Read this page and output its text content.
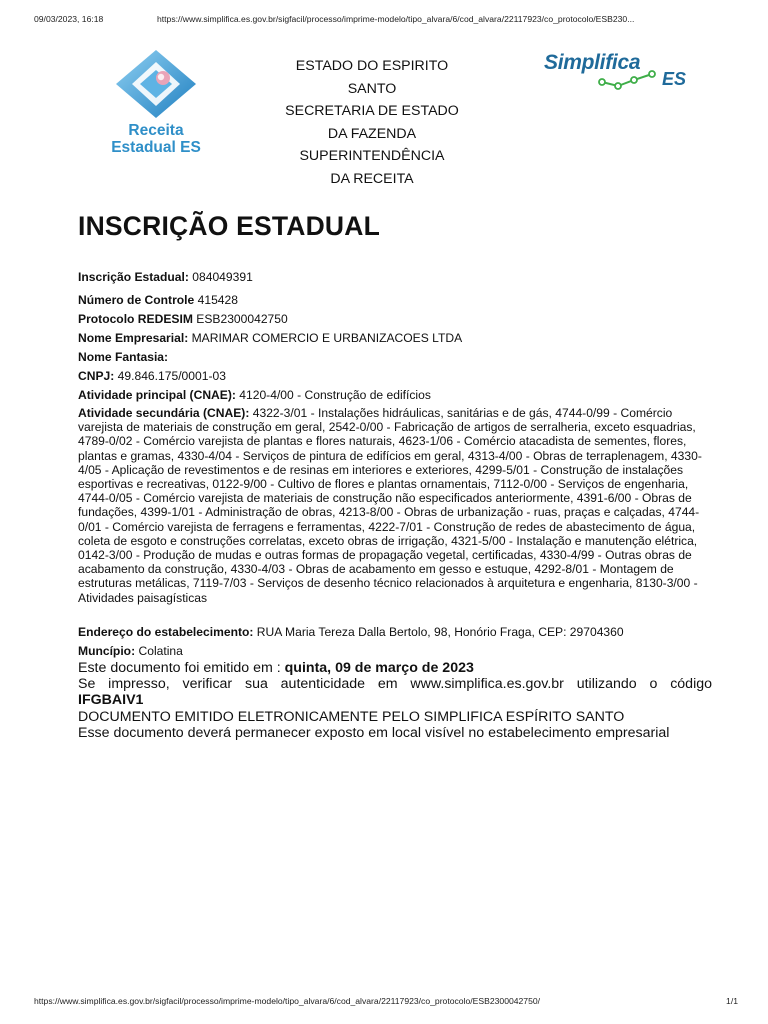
09/03/2023, 16:18	https://www.simplifica.es.gov.br/sigfacil/processo/imprime-modelo/tipo_alvara/6/cod_alvara/22117923/co_protocolo/ESB230...
Receita
Estadual ES
ESTADO DO ESPIRITO
SANTO
SECRETARIA DE ESTADO
DA FAZENDA
SUPERINTENDÊNCIA
DA RECEITA
Simplifica
ES
INSCRIÇÃO ESTADUAL

Inscrição Estadual: 084049391

Número de Controle 415428

Protocolo REDESIM ESB2300042750

Nome Empresarial: MARIMAR COMERCIO E URBANIZACOES LTDA

Nome Fantasia:

CNPJ: 49.846.175/0001-03

Atividade principal (CNAE): 4120-4/00 - Construção de edifícios

Atividade secundária (CNAE): 4322-3/01 - Instalações hidráulicas, sanitárias e de gás, 4744-0/99 - Comércio varejista de materiais de construção em geral, 2542-0/00 - Fabricação de artigos de serralheria, exceto esquadrias, 4789-0/02 - Comércio varejista de plantas e flores naturais, 4623-1/06 - Comércio atacadista de sementes, flores, plantas e gramas, 4330-4/04 - Serviços de pintura de edifícios em geral, 4313-4/00 - Obras de terraplenagem, 4330-4/05 - Aplicação de revestimentos e de resinas em interiores e exteriores, 4299-5/01 - Construção de instalações esportivas e recreativas, 0122-9/00 - Cultivo de flores e plantas ornamentais, 7112-0/00 - Serviços de engenharia, 4744-0/05 - Comércio varejista de materiais de construção não especificados anteriormente, 4391-6/00 - Obras de fundações, 4399-1/01 - Administração de obras, 4213-8/00 - Obras de urbanização - ruas, praças e calçadas, 4744-0/01 - Comércio varejista de ferragens e ferramentas, 4222-7/01 - Construção de redes de abastecimento de água, coleta de esgoto e construções correlatas, exceto obras de irrigação, 4321-5/00 - Instalação e manutenção elétrica, 0142-3/00 - Produção de mudas e outras formas de propagação vegetal, certificadas, 4330-4/99 - Outras obras de acabamento da construção, 4330-4/03 - Obras de acabamento em gesso e estuque, 4292-8/01 - Montagem de estruturas metálicas, 7119-7/03 - Serviços de desenho técnico relacionados à arquitetura e engenharia, 8130-3/00 - Atividades paisagísticas

Endereço do estabelecimento: RUA Maria Tereza Dalla Bertolo, 98, Honório Fraga, CEP: 29704360

Muncípio: Colatina

Este documento foi emitido em : quinta, 09 de março de 2023

Se impresso, verificar sua autenticidade em www.simplifica.es.gov.br utilizando o código

IFGBAIV1

DOCUMENTO EMITIDO ELETRONICAMENTE PELO SIMPLIFICA ESPÍRITO SANTO

Esse documento deverá permanecer exposto em local visível no estabelecimento empresarial

https://www.simplifica.es.gov.br/sigfacil/processo/imprime-modelo/tipo_alvara/6/cod_alvara/22117923/co_protocolo/ESB2300042750/	1/1
